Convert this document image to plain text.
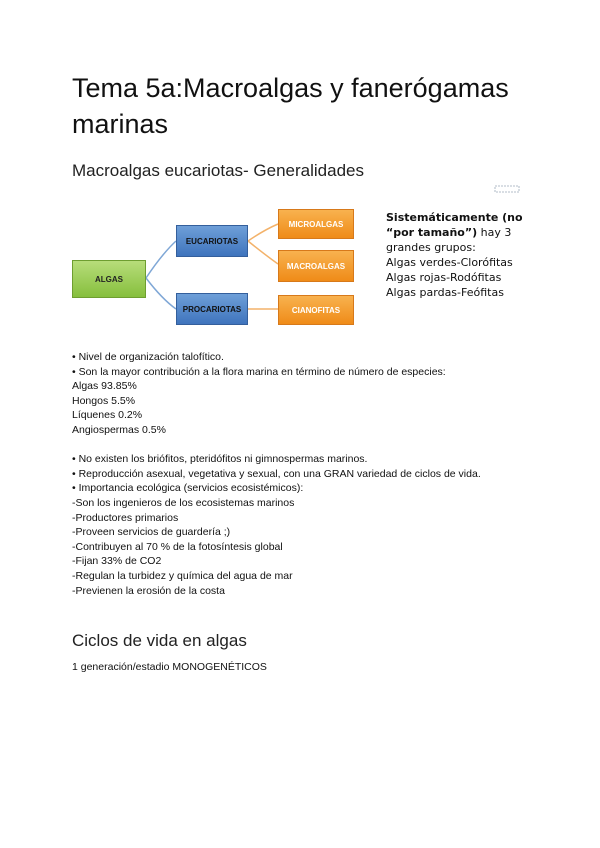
Tema 5a:Macroalgas y fanerógamas marinas
Macroalgas eucariotas- Generalidades
ALGAS
EUCARIOTAS
PROCARIOTAS
MICROALGAS
MACROALGAS
CIANOFITAS
Sistemáticamente (no “por tamaño”) hay 3 grandes grupos:
Algas verdes-Clorófitas
Algas rojas-Rodófitas
Algas pardas-Feófitas

• Nivel de organización talofítico.

• Son la mayor contribución a la flora marina en término de número de especies:

Algas 93.85%

Hongos 5.5%

Líquenes 0.2%

Angiospermas 0.5%

• No existen los briófitos, pteridófitos ni gimnospermas marinos.

• Reproducción asexual, vegetativa y sexual, con una GRAN variedad de ciclos de vida.

• Importancia ecológica (servicios ecosistémicos):

-Son los ingenieros de los ecosistemas marinos

-Productores primarios

-Proveen servicios de guardería ;)

-Contribuyen al 70 % de la fotosíntesis global

-Fijan 33% de CO2

-Regulan la turbidez y química del agua de mar

-Previenen la erosión de la costa

Ciclos de vida en algas

1 generación/estadio MONOGENÉTICOS
